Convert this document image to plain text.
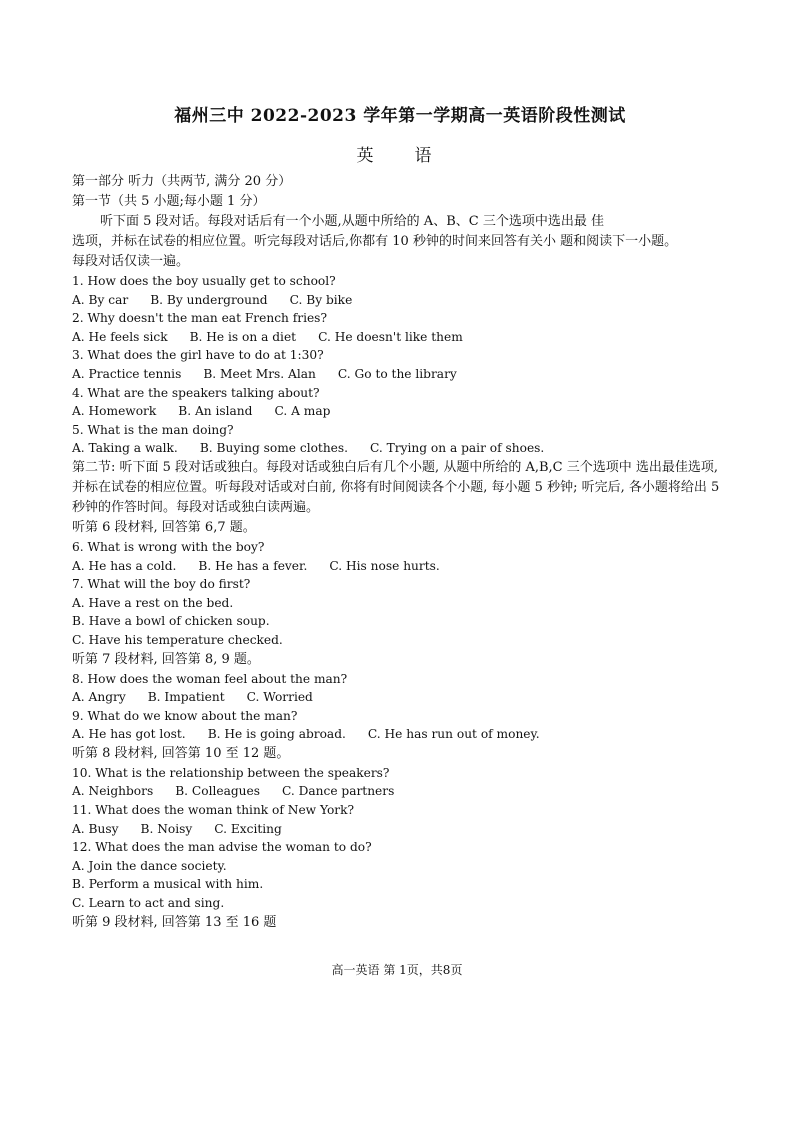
福州三中 2022-2023 学年第一学期高一英语阶段性测试
英　语
第一部分 听力（共两节, 满分 20 分）
第一节（共 5 小题;每小题 1 分）
听下面 5 段对话。每段对话后有一个小题,从题中所给的 A、B、C 三个选项中选出最 佳
选项，并标在试卷的相应位置。听完每段对话后,你都有 10 秒钟的时间来回答有关小 题和阅读下一小题。
每段对话仅读一遍。
1. How does the boy usually get to school?
A. By car B. By underground C. By bike
2. Why doesn't the man eat French fries?
A. He feels sick B. He is on a diet C. He doesn't like them
3. What does the girl have to do at 1:30?
A. Practice tennis B. Meet Mrs. Alan C. Go to the library
4. What are the speakers talking about?
A. Homework B. An island C. A map
5. What is the man doing?
A. Taking a walk. B. Buying some clothes. C. Trying on a pair of shoes.
第二节: 听下面 5 段对话或独白。每段对话或独白后有几个小题, 从题中所给的 A,B,C 三个选项中 选出最佳选项, 并标在试卷的相应位置。听每段对话或对白前, 你将有时间阅读各个小题, 每小题 5 秒钟; 听完后, 各小题将给出 5 秒钟的作答时间。每段对话或独白读两遍。
听第 6 段材料, 回答第 6,7 题。
6. What is wrong with the boy?
A. He has a cold. B. He has a fever. C. His nose hurts.
7. What will the boy do first?
A. Have a rest on the bed.
B. Have a bowl of chicken soup.
C. Have his temperature checked.
听第 7 段材料, 回答第 8, 9 题。
8. How does the woman feel about the man?
A. Angry B. Impatient C. Worried
9. What do we know about the man?
A. He has got lost. B. He is going abroad. C. He has run out of money.
听第 8 段材料, 回答第 10 至 12 题。
10. What is the relationship between the speakers?
A. Neighbors B. Colleagues C. Dance partners
11. What does the woman think of New York?
A. Busy B. Noisy C. Exciting
12. What does the man advise the woman to do?
A. Join the dance society.
B. Perform a musical with him.
C. Learn to act and sing.
听第 9 段材料, 回答第 13 至 16 题
高一英语 第 1页，共8页
